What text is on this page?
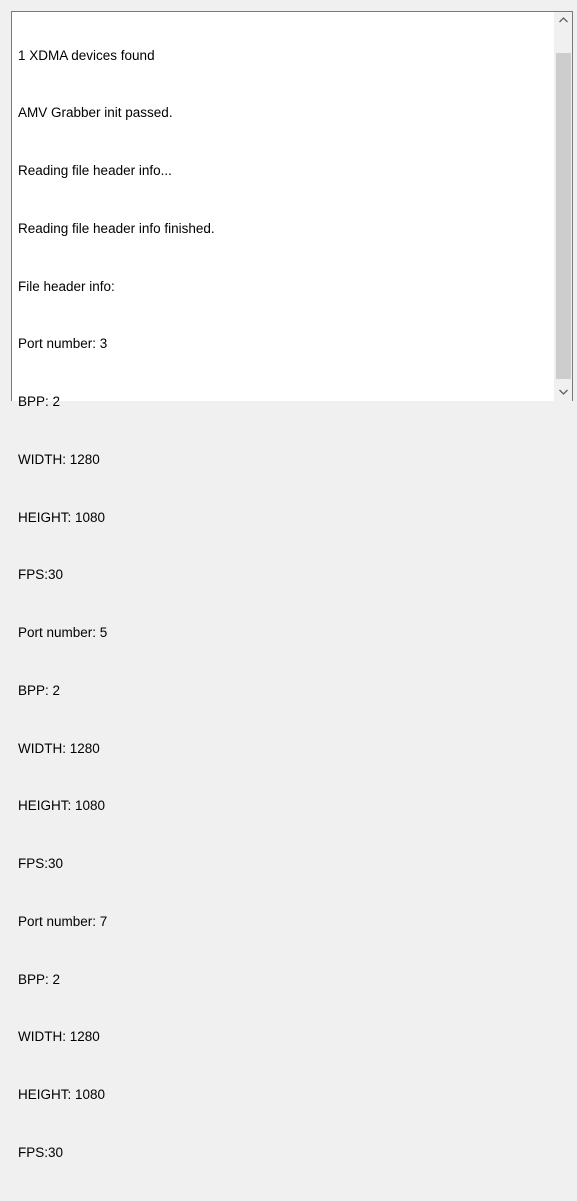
1 XDMA devices found

AMV Grabber init passed.

Reading file header info...

Reading file header info finished.

File header info:

Port number: 3

BPP: 2

WIDTH: 1280

HEIGHT: 1080

FPS:30

Port number: 5

BPP: 2

WIDTH: 1280

HEIGHT: 1080

FPS:30

Port number: 7

BPP: 2

WIDTH: 1280

HEIGHT: 1080

FPS:30
